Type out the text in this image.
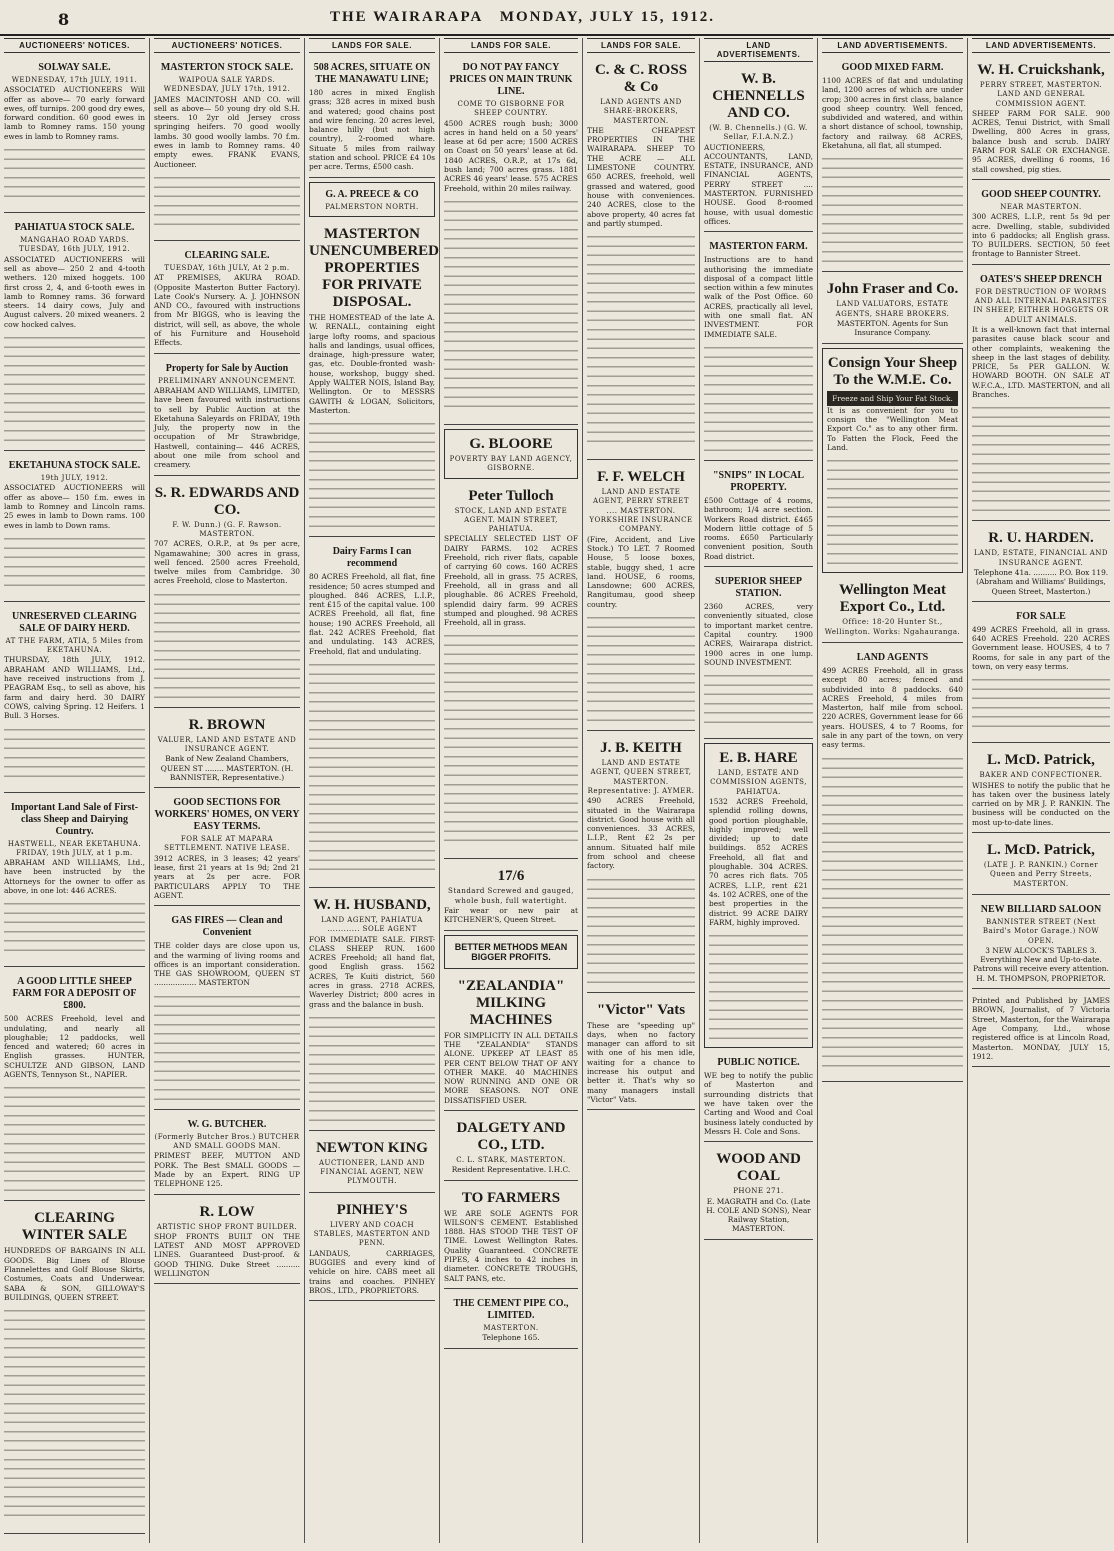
8	THE WAIRARAPA MONDAY, JULY 15, 1912.
AUCTIONEERS' NOTICES.
SOLWAY SALE.
WEDNESDAY, 17th JULY, 1911.
ASSOCIATED AUCTIONEERS Will offer as above— 70 early forward ewes, off turnips. 200 good dry ewes, forward condition. 60 good ewes in lamb to Romney rams. 150 young ewes in lamb to Romney rams.
PAHIATUA STOCK SALE.
MANGAHAO ROAD YARDS. TUESDAY, 16th JULY, 1912.
ASSOCIATED AUCTIONEERS will sell as above— 250 2 and 4-tooth wethers. 120 mixed hoggets. 100 first cross 2, 4, and 6-tooth ewes in lamb to Romney rams. 36 forward steers. 14 dairy cows, July and August calvers. 20 mixed weaners. 2 cow hocked calves.
EKETAHUNA STOCK SALE.
19th JULY, 1912.
ASSOCIATED AUCTIONEERS will offer as above— 150 f.m. ewes in lamb to Romney and Lincoln rams. 25 ewes in lamb to Down rams. 100 ewes in lamb to Down rams.
UNRESERVED CLEARING SALE OF DAIRY HERD.
AT THE FARM, ATIA, 5 Miles from EKETAHUNA.
THURSDAY, 18th JULY, 1912. ABRAHAM AND WILLIAMS, Ltd., have received instructions from J. PEAGRAM Esq., to sell as above, his farm and dairy herd. 30 DAIRY COWS, calving Spring. 12 Heifers. 1 Bull. 3 Horses.
Important Land Sale of First-class Sheep and Dairying Country.
HASTWELL, NEAR EKETAHUNA. FRIDAY, 19th JULY, at 1 p.m.
ABRAHAM AND WILLIAMS, Ltd., have been instructed by the Attorneys for the owner to offer as above, in one lot: 446 ACRES.
A GOOD LITTLE SHEEP FARM FOR A DEPOSIT OF £800.
500 ACRES Freehold, level and undulating, and nearly all ploughable; 12 paddocks, well fenced and watered; 60 acres in English grasses. HUNTER, SCHULTZE AND GIBSON, LAND AGENTS, Tennyson St., NAPIER.
CLEARING WINTER SALE
HUNDREDS OF BARGAINS IN ALL GOODS. Big Lines of Blouse Flannelettes and Golf Blouse Skirts, Costumes, Coats and Underwear. SABA & SON, GILLOWAY'S BUILDINGS, QUEEN STREET.
AUCTIONEERS' NOTICES.
MASTERTON STOCK SALE.
WAIPOUA SALE YARDS. WEDNESDAY, JULY 17th, 1912.
JAMES MACINTOSH AND CO. will sell as above— 50 young dry old S.H. steers. 10 2yr old Jersey cross springing heifers. 70 good woolly lambs. 30 good woolly lambs. 70 f.m. ewes in lamb to Romney rams. 40 empty ewes. FRANK EVANS, Auctioneer.
CLEARING SALE.
TUESDAY, 16th JULY, At 2 p.m.
AT PREMISES, AKURA ROAD. (Opposite Masterton Butter Factory). Late Cook's Nursery. A. J. JOHNSON AND CO., favoured with instructions from Mr BIGGS, who is leaving the district, will sell, as above, the whole of his Furniture and Household Effects.
Property for Sale by Auction
PRELIMINARY ANNOUNCEMENT.
ABRAHAM AND WILLIAMS, LIMITED, have been favoured with instructions to sell by Public Auction at the Eketahuna Saleyards on FRIDAY, 19th July, the property now in the occupation of Mr Strawbridge, Hastwell, containing— 446 ACRES, about one mile from school and creamery.
S. R. EDWARDS AND CO.
F. W. Dunn.) (G. F. Rawson. MASTERTON.
707 ACRES, O.R.P., at 9s per acre, Ngamawahine; 300 acres in grass, well fenced. 2500 acres Freehold, twelve miles from Cambridge. 30 acres Freehold, close to Masterton.
R. BROWN
VALUER, LAND AND ESTATE AND INSURANCE AGENT.
Bank of New Zealand Chambers, QUEEN ST ........ MASTERTON. (H. BANNISTER, Representative.)
GOOD SECTIONS FOR WORKERS' HOMES, ON VERY EASY TERMS.
FOR SALE AT MAPARA SETTLEMENT. NATIVE LEASE.
3912 ACRES, in 3 leases; 42 years' lease, first 21 years at 1s 9d; 2nd 21 years at 2s per acre. FOR PARTICULARS APPLY TO THE AGENT.
GAS FIRES — Clean and Convenient
THE colder days are close upon us, and the warming of living rooms and offices is an important consideration. THE GAS SHOWROOM, QUEEN ST .................. MASTERTON
W. G. BUTCHER.
(Formerly Butcher Bros.) BUTCHER AND SMALL GOODS MAN.
PRIMEST BEEF, MUTTON AND PORK. The Best SMALL GOODS — Made by an Expert. RING UP TELEPHONE 125.
R. LOW
ARTISTIC SHOP FRONT BUILDER.
SHOP FRONTS BUILT ON THE LATEST AND MOST APPROVED LINES. Guaranteed Dust-proof. & GOOD THING. Duke Street .......... WELLINGTON
LANDS FOR SALE.
508 ACRES, SITUATE ON THE MANAWATU LINE;
180 acres in mixed English grass; 328 acres in mixed bush and watered; good chains post and wire fencing. 20 acres level, balance hilly (but not high country), 2-roomed whare. Situate 5 miles from railway station and school. PRICE £4 10s per acre. Terms, £500 cash.
G. A. PREECE & CO
PALMERSTON NORTH.
MASTERTON UNENCUMBERED PROPERTIES FOR PRIVATE DISPOSAL.
THE HOMESTEAD of the late A. W. RENALL, containing eight large lofty rooms, and spacious halls and landings, usual offices, drainage, high-pressure water, gas, etc. Double-fronted wash-house, workshop, buggy shed. Apply WALTER NOIS, Island Bay, Wellington. Or to MESSRS GAWITH & LOGAN, Solicitors, Masterton.
Dairy Farms I can recommend
80 ACRES Freehold, all flat, fine residence; 50 acres stumped and ploughed. 846 ACRES, L.I.P., rent £15 of the capital value. 100 ACRES Freehold, all flat, fine house; 190 ACRES Freehold, all flat. 242 ACRES Freehold, flat and undulating. 143 ACRES, Freehold, flat and undulating.
W. H. HUSBAND,
LAND AGENT, PAHIATUA ............ SOLE AGENT
FOR IMMEDIATE SALE. FIRST-CLASS SHEEP RUN. 1600 ACRES Freehold; all hand flat, good English grass. 1562 ACRES, Te Kuiti district, 560 acres in grass. 2718 ACRES, Waverley District; 800 acres in grass and the balance in bush.
NEWTON KING
AUCTIONEER, LAND AND FINANCIAL AGENT, NEW PLYMOUTH.
PINHEY'S
LIVERY AND COACH STABLES, MASTERTON AND PENN.
LANDAUS, CARRIAGES, BUGGIES and every kind of vehicle on hire. CABS meet all trains and coaches. PINHEY BROS., LTD., PROPRIETORS.
LANDS FOR SALE.
DO NOT PAY FANCY PRICES ON MAIN TRUNK LINE.
COME TO GISBORNE FOR SHEEP COUNTRY.
4500 ACRES rough bush; 3000 acres in hand held on a 50 years' lease at 6d per acre; 1500 ACRES on Coast on 50 years' lease at 6d. 1840 ACRES, O.R.P., at 17s 6d, bush land; 700 acres grass. 1881 ACRES 46 years' lease. 575 ACRES Freehold, within 20 miles railway.
G. BLOORE
POVERTY BAY LAND AGENCY, GISBORNE.
Peter Tulloch
STOCK, LAND AND ESTATE AGENT. MAIN STREET, PAHIATUA.
SPECIALLY SELECTED LIST OF DAIRY FARMS. 102 ACRES Freehold, rich river flats, capable of carrying 60 cows. 160 ACRES Freehold, all in grass. 75 ACRES, Freehold, all in grass and all ploughable. 86 ACRES Freehold, splendid dairy farm. 99 ACRES stumped and ploughed. 98 ACRES Freehold, all in grass.
17/6
Standard Screwed and gauged, whole bush, full watertight.
Fair wear or new pair at KITCHENER'S, Queen Street.
BETTER METHODS MEAN BIGGER PROFITS.
"ZEALANDIA" MILKING MACHINES
FOR SIMPLICITY IN ALL DETAILS THE "ZEALANDIA" STANDS ALONE. UPKEEP AT LEAST 85 PER CENT BELOW THAT OF ANY OTHER MAKE. 40 MACHINES NOW RUNNING AND ONE OR MORE SEASONS. NOT ONE DISSATISFIED USER.
DALGETY AND CO., LTD.
C. L. STARK, MASTERTON.
Resident Representative. I.H.C.
TO FARMERS
WE ARE SOLE AGENTS FOR WILSON'S CEMENT. Established 1888. HAS STOOD THE TEST OF TIME. Lowest Wellington Rates. Quality Guaranteed. CONCRETE PIPES, 4 inches to 42 inches in diameter. CONCRETE TROUGHS, SALT PANS, etc.
THE CEMENT PIPE CO., LIMITED.
MASTERTON.
Telephone 165.
LANDS FOR SALE.
C. & C. ROSS & Co
LAND AGENTS AND SHARE-BROKERS, MASTERTON.
THE CHEAPEST PROPERTIES IN THE WAIRARAPA. SHEEP TO THE ACRE — ALL LIMESTONE COUNTRY. 650 ACRES, freehold, well grassed and watered, good house with conveniences. 240 ACRES, close to the above property, 40 acres fat and partly stumped.
F. F. WELCH
LAND AND ESTATE AGENT, PERRY STREET .... MASTERTON. YORKSHIRE INSURANCE COMPANY.
(Fire, Accident, and Live Stock.) TO LET. 7 Roomed House, 5 loose boxes, stable, buggy shed, 1 acre land. HOUSE, 6 rooms, Lansdowne; 600 ACRES, Rangitumau, good sheep country.
J. B. KEITH
LAND AND ESTATE AGENT, QUEEN STREET, MASTERTON. Representative: J. AYMER.
490 ACRES Freehold, situated in the Wairarapa district. Good house with all conveniences. 33 ACRES, L.I.P., Rent £2 2s per annum. Situated half mile from school and cheese factory.
"Victor" Vats
These are "speeding up" days, when no factory manager can afford to sit with one of his men idle, waiting for a chance to increase his output and better it. That's why so many managers install "Victor" Vats.
LAND ADVERTISEMENTS.
W. B. CHENNELLS AND CO.
(W. B. Chennells.) (G. W. Sellar, F.I.A.N.Z.)
AUCTIONEERS, ACCOUNTANTS, LAND, ESTATE, INSURANCE, AND FINANCIAL AGENTS, PERRY STREET .... MASTERTON. FURNISHED HOUSE. Good 8-roomed house, with usual domestic offices.
MASTERTON FARM.
Instructions are to hand authorising the immediate disposal of a compact little section within a few minutes walk of the Post Office. 60 ACRES, practically all level, with one small flat. AN INVESTMENT. FOR IMMEDIATE SALE.
"SNIPS" IN LOCAL PROPERTY.
£500 Cottage of 4 rooms, bathroom; 1/4 acre section. Workers Road district. £465 Modern little cottage of 5 rooms. £650 Particularly convenient position, South Road district.
SUPERIOR SHEEP STATION.
2360 ACRES, very conveniently situated, close to important market centre. Capital country. 1900 ACRES, Wairarapa district. 1900 acres in one lump. SOUND INVESTMENT.
E. B. HARE
LAND, ESTATE AND COMMISSION AGENTS, PAHIATUA.
1532 ACRES Freehold, splendid rolling downs, good portion ploughable, highly improved; well divided; up to date buildings. 852 ACRES Freehold, all flat and ploughable. 304 ACRES. 70 acres rich flats. 705 ACRES, L.I.P., rent £21 4s. 102 ACRES, one of the best properties in the district. 99 ACRE DAIRY FARM, highly improved.
PUBLIC NOTICE.
WE beg to notify the public of Masterton and surrounding districts that we have taken over the Carting and Wood and Coal business lately conducted by Messrs H. Cole and Sons.
WOOD AND COAL
PHONE 271.
E. MAGRATH and Co. (Late H. COLE AND SONS), Near Railway Station, MASTERTON.
LAND ADVERTISEMENTS.
GOOD MIXED FARM.
1100 ACRES of flat and undulating land, 1200 acres of which are under crop; 300 acres in first class, balance good sheep country. Well fenced, subdivided and watered, and within a short distance of school, township, factory and railway. 68 ACRES, Eketahuna, all flat, all stumped.
John Fraser and Co.
LAND VALUATORS, ESTATE AGENTS, SHARE BROKERS.
MASTERTON. Agents for Sun Insurance Company.
Consign Your Sheep To the W.M.E. Co.
Freeze and Ship Your Fat Stock.
It is as convenient for you to consign the "Wellington Meat Export Co." as to any other firm. To Fatten the Flock, Feed the Land.
Wellington Meat Export Co., Ltd.
Office: 18-20 Hunter St., Wellington. Works: Ngahauranga.
LAND AGENTS
499 ACRES Freehold, all in grass except 80 acres; fenced and subdivided into 8 paddocks. 640 ACRES Freehold, 4 miles from Masterton, half mile from school. 220 ACRES, Government lease for 66 years. HOUSES, 4 to 7 Rooms, for sale in any part of the town, on very easy terms.
LAND ADVERTISEMENTS.
W. H. Cruickshank,
PERRY STREET, MASTERTON. LAND AND GENERAL COMMISSION AGENT.
SHEEP FARM FOR SALE. 900 ACRES, Tenui District, with Small Dwelling, 800 Acres in grass, balance bush and scrub. DAIRY FARM FOR SALE OR EXCHANGE. 95 ACRES, dwelling 6 rooms, 16 stall cowshed, pig sties.
GOOD SHEEP COUNTRY.
NEAR MASTERTON.
300 ACRES, L.I.P., rent 5s 9d per acre. Dwelling, stable, subdivided into 6 paddocks; all English grass. TO BUILDERS. SECTION, 50 feet frontage to Bannister Street.
OATES'S SHEEP DRENCH
FOR DESTRUCTION OF WORMS AND ALL INTERNAL PARASITES IN SHEEP, EITHER HOGGETS OR ADULT ANIMALS.
It is a well-known fact that internal parasites cause black scour and other complaints, weakening the sheep in the last stages of debility. PRICE, 5s PER GALLON. W. HOWARD BOOTH. ON SALE AT W.F.C.A., LTD. MASTERTON, and all Branches.
R. U. HARDEN.
LAND, ESTATE, FINANCIAL AND INSURANCE AGENT.
Telephone 41a. .......... P.O. Box 119. (Abraham and Williams' Buildings, Queen Street, Masterton.)
FOR SALE
499 ACRES Freehold, all in grass. 640 ACRES Freehold. 220 ACRES Government lease. HOUSES, 4 to 7 Rooms, for sale in any part of the town, on very easy terms.
L. McD. Patrick,
BAKER AND CONFECTIONER.
WISHES to notify the public that he has taken over the business lately carried on by MR J. P. RANKIN. The business will be conducted on the most up-to-date lines.
L. McD. Patrick,
(LATE J. P. RANKIN.) Corner Queen and Perry Streets, MASTERTON.
NEW BILLIARD SALOON
BANNISTER STREET (Next Baird's Motor Garage.) NOW OPEN.
3 NEW ALCOCK'S TABLES 3. Everything New and Up-to-date. Patrons will receive every attention. H. M. THOMPSON, PROPRIETOR.
Printed and Published by JAMES BROWN, Journalist, of 7 Victoria Street, Masterton, for the Wairarapa Age Company, Ltd., whose registered office is at Lincoln Road, Masterton. MONDAY, JULY 15, 1912.
